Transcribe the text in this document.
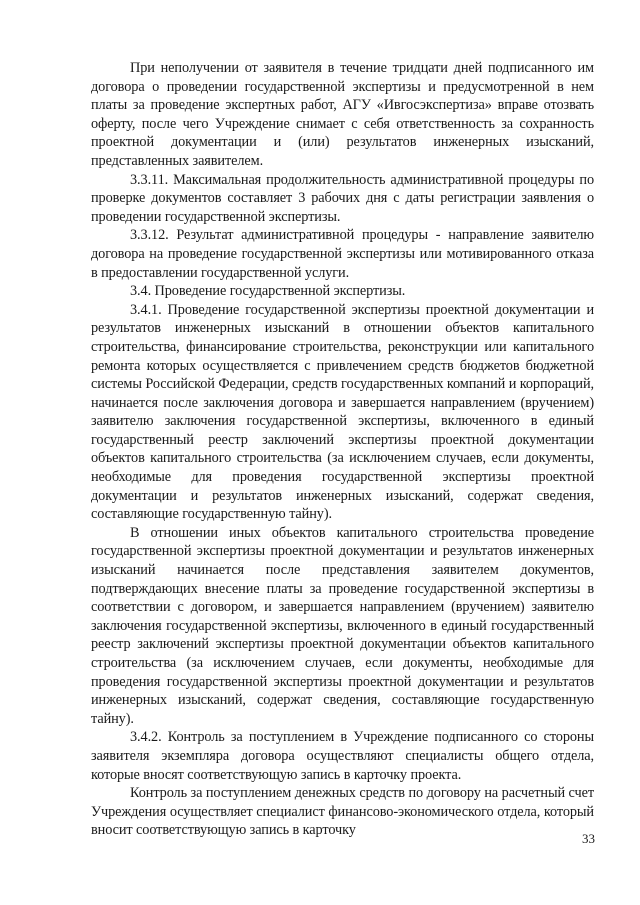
При неполучении от заявителя в течение тридцати дней подписанного им договора о проведении государственной экспертизы и предусмотренной в нем платы за проведение экспертных работ, АГУ «Ивгосэкспертиза» вправе отозвать оферту, после чего Учреждение снимает с себя ответственность за сохранность проектной документации и (или) результатов инженерных изысканий, представленных заявителем.

3.3.11. Максимальная продолжительность административной процедуры по проверке документов составляет 3 рабочих дня с даты регистрации заявления о проведении государственной экспертизы.

3.3.12. Результат административной процедуры - направление заявителю договора на проведение государственной экспертизы или мотивированного отказа в предоставлении государственной услуги.

3.4. Проведение государственной экспертизы.

3.4.1. Проведение государственной экспертизы проектной документации и результатов инженерных изысканий в отношении объектов капитального строительства, финансирование строительства, реконструкции или капитального ремонта которых осуществляется с привлечением средств бюджетов бюджетной системы Российской Федерации, средств государственных компаний и корпораций, начинается после заключения договора и завершается направлением (вручением) заявителю заключения государственной экспертизы, включенного в единый государственный реестр заключений экспертизы проектной документации объектов капитального строительства (за исключением случаев, если документы, необходимые для проведения государственной экспертизы проектной документации и результатов инженерных изысканий, содержат сведения, составляющие государственную тайну).

В отношении иных объектов капитального строительства проведение государственной экспертизы проектной документации и результатов инженерных изысканий начинается после представления заявителем документов, подтверждающих внесение платы за проведение государственной экспертизы в соответствии с договором, и завершается направлением (вручением) заявителю заключения государственной экспертизы, включенного в единый государственный реестр заключений экспертизы проектной документации объектов капитального строительства (за исключением случаев, если документы, необходимые для проведения государственной экспертизы проектной документации и результатов инженерных изысканий, содержат сведения, составляющие государственную тайну).

3.4.2. Контроль за поступлением в Учреждение подписанного со стороны заявителя экземпляра договора осуществляют специалисты общего отдела, которые вносят соответствующую запись в карточку проекта.

Контроль за поступлением денежных средств по договору на расчетный счет Учреждения осуществляет специалист финансово-экономического отдела, который вносит соответствующую запись в карточку

33
